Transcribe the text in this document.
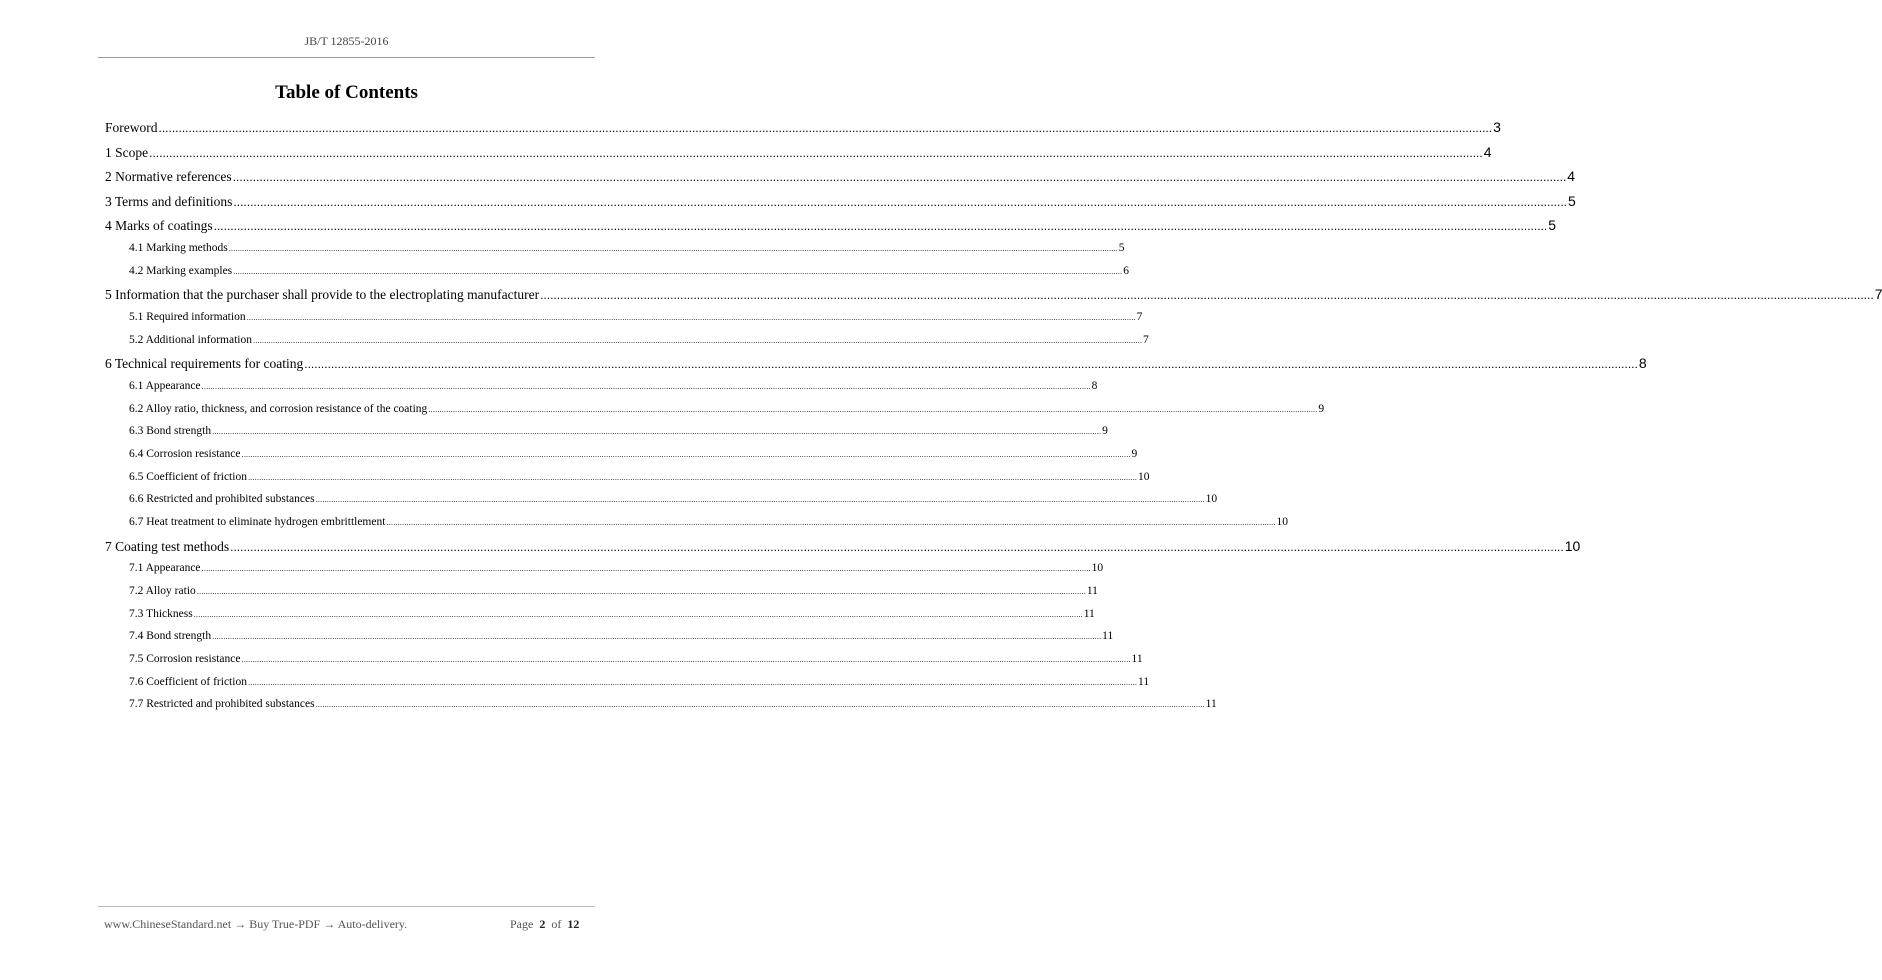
JB/T 12855-2016
Table of Contents
Foreword ................................................................................................................................................................................................................................................................................................................................................................................................................ 3
1 Scope ................................................................................................................................................................................................................................................................................................................................................................................................................ 4
2 Normative references ................................................................................................................................................................................................................................................................................................................................................................................................................ 4
3 Terms and definitions ................................................................................................................................................................................................................................................................................................................................................................................................................ 5
4 Marks of coatings ................................................................................................................................................................................................................................................................................................................................................................................................................ 5
4.1 Marking methods ................................................................................................................................................................................................................................................................................................................................................................................................................ 5
4.2 Marking examples ................................................................................................................................................................................................................................................................................................................................................................................................................ 6
5 Information that the purchaser shall provide to the electroplating manufacturer ................................................................................................................................................................................................................................................................................................................................................................................................................ 7
5.1 Required information ................................................................................................................................................................................................................................................................................................................................................................................................................ 7
5.2 Additional information ................................................................................................................................................................................................................................................................................................................................................................................................................ 7
6 Technical requirements for coating ................................................................................................................................................................................................................................................................................................................................................................................................................ 8
6.1 Appearance ................................................................................................................................................................................................................................................................................................................................................................................................................ 8
6.2 Alloy ratio, thickness, and corrosion resistance of the coating ................................................................................................................................................................................................................................................................................................................................................................................................................ 9
6.3 Bond strength ................................................................................................................................................................................................................................................................................................................................................................................................................ 9
6.4 Corrosion resistance ................................................................................................................................................................................................................................................................................................................................................................................................................ 9
6.5 Coefficient of friction ................................................................................................................................................................................................................................................................................................................................................................................................................ 10
6.6 Restricted and prohibited substances ................................................................................................................................................................................................................................................................................................................................................................................................................ 10
6.7 Heat treatment to eliminate hydrogen embrittlement ................................................................................................................................................................................................................................................................................................................................................................................................................ 10
7 Coating test methods ................................................................................................................................................................................................................................................................................................................................................................................................................ 10
7.1 Appearance ................................................................................................................................................................................................................................................................................................................................................................................................................ 10
7.2 Alloy ratio ................................................................................................................................................................................................................................................................................................................................................................................................................ 11
7.3 Thickness ................................................................................................................................................................................................................................................................................................................................................................................................................ 11
7.4 Bond strength ................................................................................................................................................................................................................................................................................................................................................................................................................ 11
7.5 Corrosion resistance ................................................................................................................................................................................................................................................................................................................................................................................................................ 11
7.6 Coefficient of friction ................................................................................................................................................................................................................................................................................................................................................................................................................ 11
7.7 Restricted and prohibited substances ................................................................................................................................................................................................................................................................................................................................................................................................................ 11
www.ChineseStandard.net → Buy True-PDF → Auto-delivery.	Page 2 of 12
